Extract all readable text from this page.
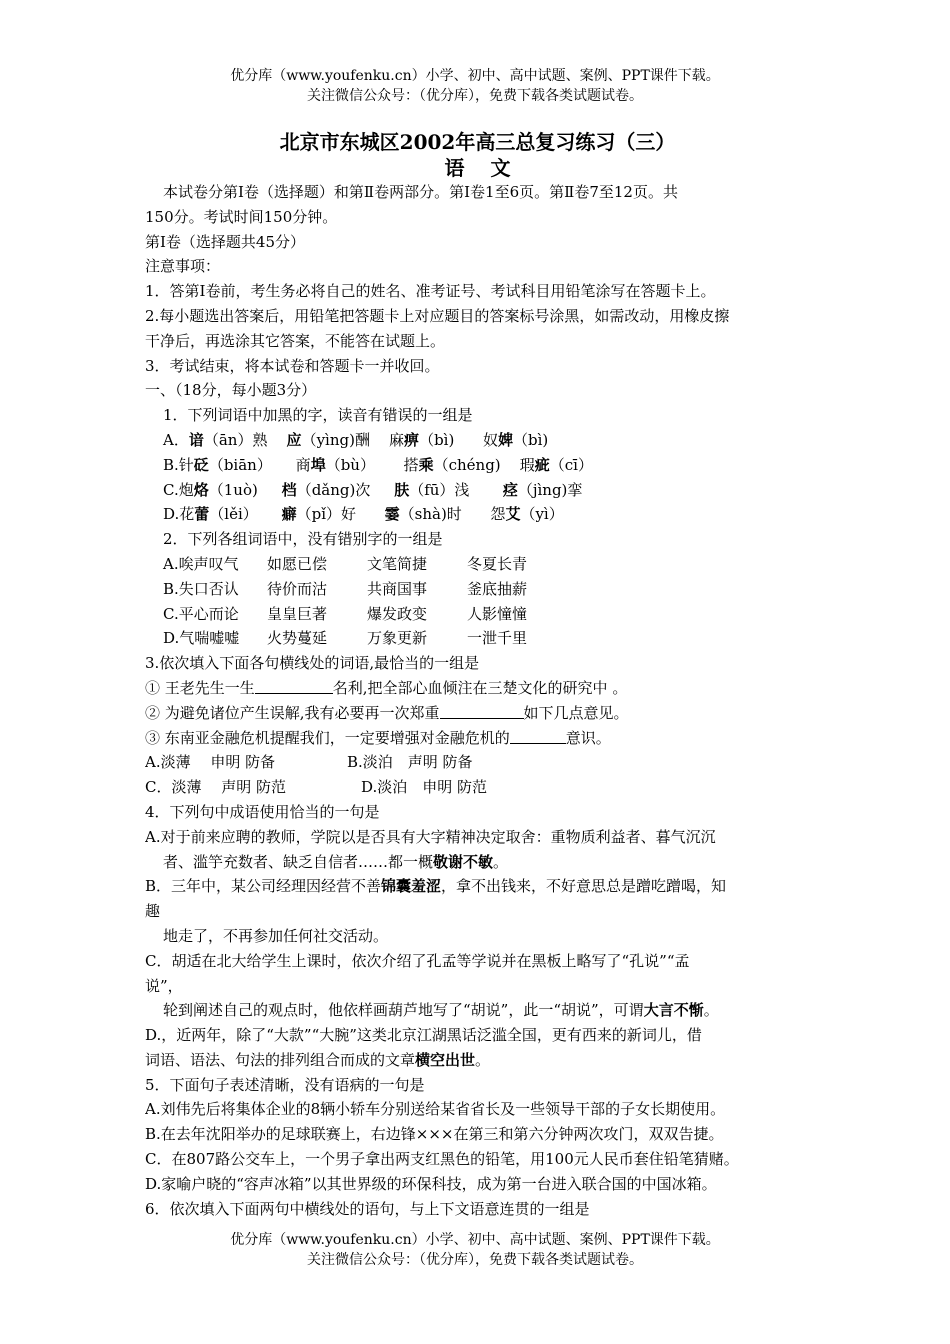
优分库（www.youfenku.cn）小学、初中、高中试题、案例、PPT课件下载。
关注微信公众号：（优分库），免费下载各类试题试卷。
北京市东城区2002年高三总复习练习（三）
语文
本试卷分第Ⅰ卷（选择题）和第Ⅱ卷两部分。第Ⅰ卷1至6页。第Ⅱ卷7至12页。共
150分。考试时间150分钟。
第Ⅰ卷（选择题共45分）
注意事项：
1．答第Ⅰ卷前，考生务必将自己的姓名、准考证号、考试科目用铅笔涂写在答题卡上。
2.每小题选出答案后，用铅笔把答题卡上对应题目的答案标号涂黑，如需改动，用橡皮擦
干净后，再选涂其它答案，不能答在试题上。
3．考试结束，将本试卷和答题卡一并收回。
一、（18分，每小题3分）
1．下列词语中加黑的字，读音有错误的一组是
A．谙（ān）熟 应（yìng)酬 麻痹（bì) 奴婢（bì)
B.针砭（biān） 商埠（bù） 搭乘（chéng) 瑕疵（cī）
C.炮烙（1uò) 档（dǎng)次 肤（fū）浅 痉（jìng)挛
D.花蕾（lěi） 癖（pǐ）好 霎（shà)时 怨艾（yì）
2．下列各组词语中，没有错别字的一组是
A.唉声叹气 如愿已偿	文笔简捷	冬夏长青
B.失口否认 待价而沽	共商国事	釜底抽薪
C.平心而论 皇皇巨著	爆发政变	人影憧憧
D.气喘嘘嘘 火势蔓延	万象更新	一泄千里
3.依次填入下面各句横线处的词语,最恰当的一组是
① 王老先生一生	名利,把全部心血倾注在三楚文化的研究中 。
② 为避免诸位产生误解,我有必要再一次郑重	如下几点意见。
③ 东南亚金融危机提醒我们，一定要增强对金融危机的	意识。
A.淡薄　 申明 防备	B.淡泊　声明 防备
C．淡薄　 声明 防范	D.淡泊　申明 防范
4．下列句中成语使用恰当的一句是
A.对于前来应聘的教师，学院以是否具有大字精神决定取舍：重物质利益者、暮气沉沉
者、滥竽充数者、缺乏自信者……都一概敬谢不敏。
B．三年中，某公司经理因经营不善锦囊羞涩，拿不出钱来，不好意思总是蹭吃蹭喝，知
趣
地走了，不再参加任何社交活动。
C．胡适在北大给学生上课时，依次介绍了孔孟等学说并在黑板上略写了“孔说”“孟
说”，
轮到阐述自己的观点时，他依样画葫芦地写了“胡说”，此一“胡说”，可谓大言不惭。
D.，近两年，除了“大款”“大腕”这类北京江湖黑话泛滥全国，更有西来的新词儿，借
词语、语法、句法的排列组合而成的文章横空出世。
5．下面句子表述清晰，没有语病的一句是
A.刘伟先后将集体企业的8辆小轿车分别送给某省省长及一些领导干部的子女长期使用。
B.在去年沈阳举办的足球联赛上，右边锋×××在第三和第六分钟两次攻门，双双告捷。
C．在807路公交车上，一个男子拿出两支红黑色的铅笔，用100元人民币套住铅笔猜赌。
D.家喻户晓的“容声冰箱”以其世界级的环保科技，成为第一台进入联合国的中国冰箱。
6．依次填入下面两句中横线处的语句，与上下文语意连贯的一组是
优分库（www.youfenku.cn）小学、初中、高中试题、案例、PPT课件下载。
关注微信公众号：（优分库），免费下载各类试题试卷。
